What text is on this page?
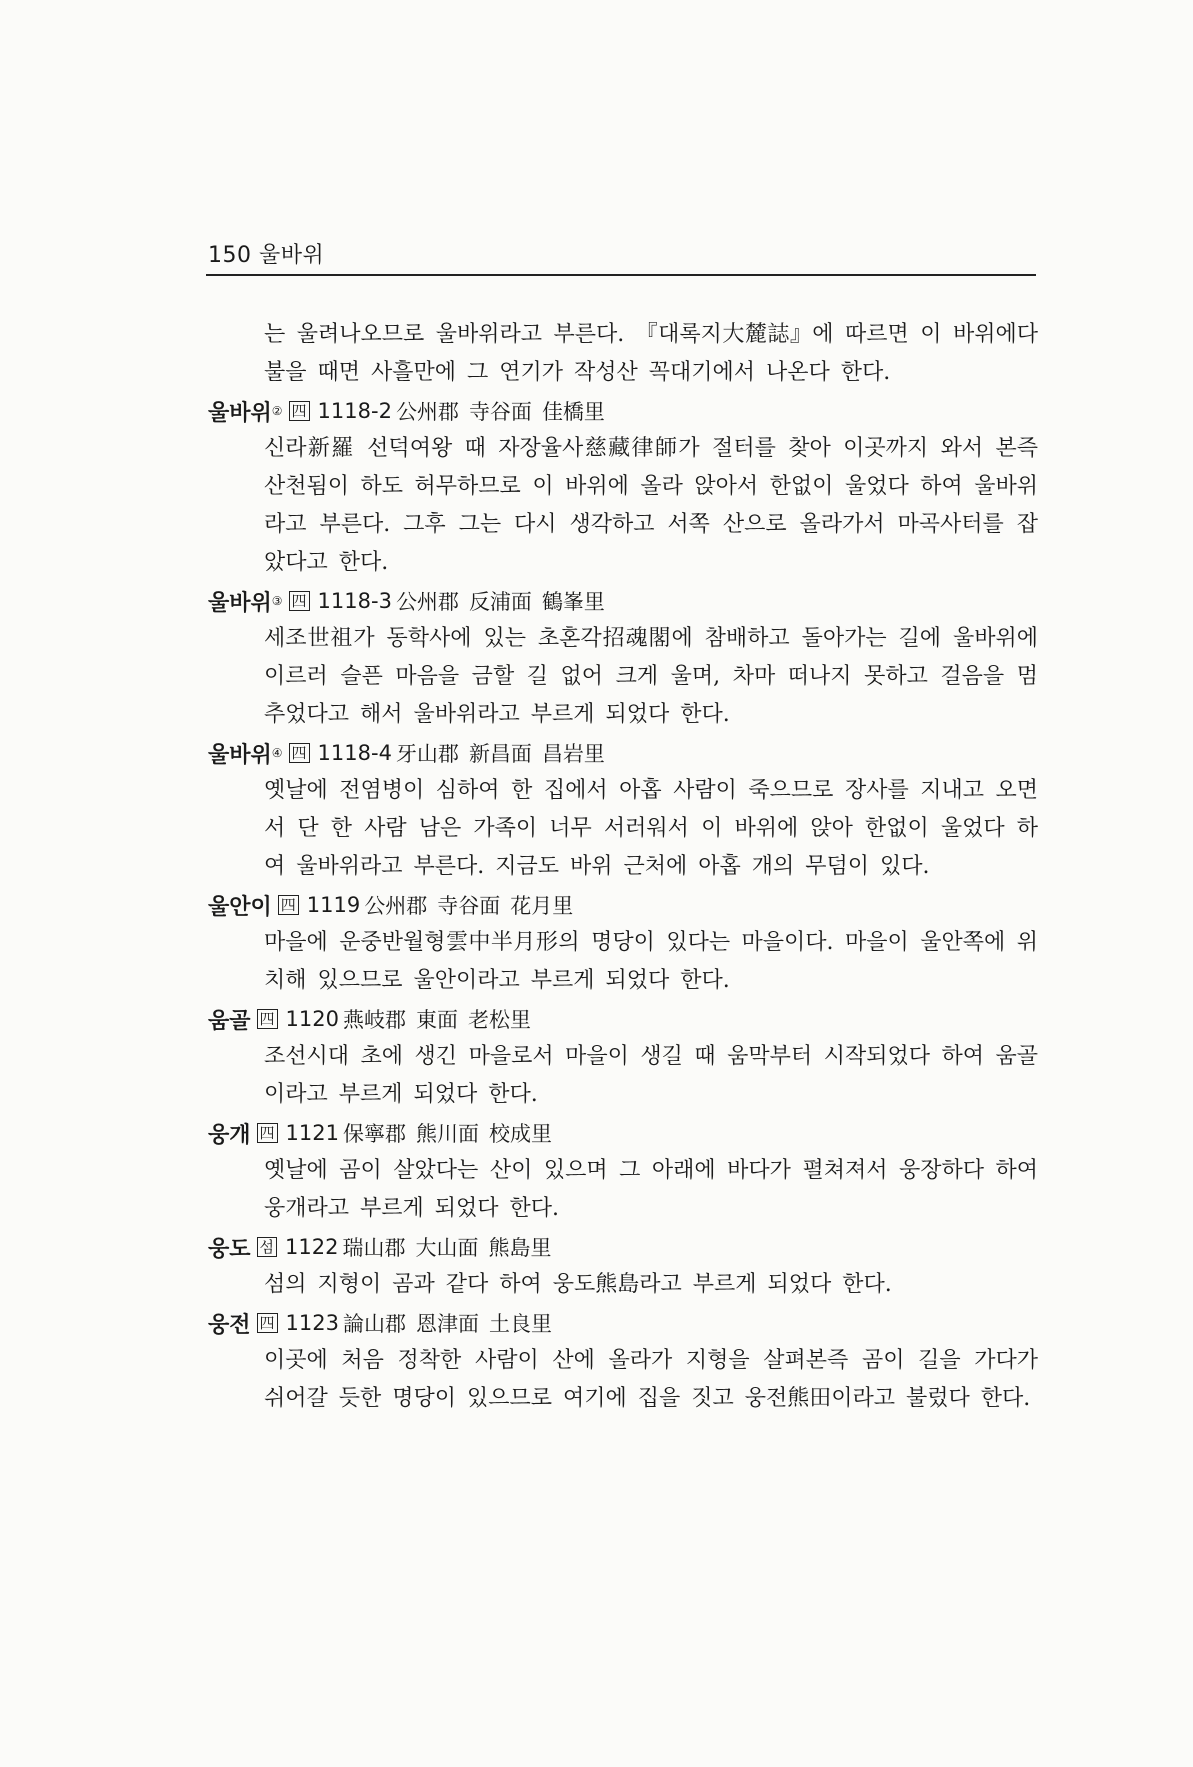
150 울바위
는 울려나오므로 울바위라고 부른다. 『대록지大麓誌』에 따르면 이 바위에다 불을 때면 사흘만에 그 연기가 작성산 꼭대기에서 나온다 한다.
울바위 ② 四 1118-2 公州郡 寺谷面 佳橋里
신라新羅 선덕여왕 때 자장율사慈藏律師가 절터를 찾아 이곳까지 와서 본즉 산천됨이 하도 허무하므로 이 바위에 올라 앉아서 한없이 울었다 하여 울바위라고 부른다. 그후 그는 다시 생각하고 서쪽 산으로 올라가서 마곡사터를 잡았다고 한다.
울바위 ③ 四 1118-3 公州郡 反浦面 鶴峯里
세조世祖가 동학사에 있는 초혼각招魂閣에 참배하고 돌아가는 길에 울바위에 이르러 슬픈 마음을 금할 길 없어 크게 울며, 차마 떠나지 못하고 걸음을 멈추었다고 해서 울바위라고 부르게 되었다 한다.
울바위 ④ 四 1118-4 牙山郡 新昌面 昌岩里
옛날에 전염병이 심하여 한 집에서 아홉 사람이 죽으므로 장사를 지내고 오면서 단 한 사람 남은 가족이 너무 서러워서 이 바위에 앉아 한없이 울었다 하여 울바위라고 부른다. 지금도 바위 근처에 아홉 개의 무덤이 있다.
울안이 四 1119 公州郡 寺谷面 花月里
마을에 운중반월형雲中半月形의 명당이 있다는 마을이다. 마을이 울안쪽에 위치해 있으므로 울안이라고 부르게 되었다 한다.
움골 四 1120 燕岐郡 東面 老松里
조선시대 초에 생긴 마을로서 마을이 생길 때 움막부터 시작되었다 하여 움골이라고 부르게 되었다 한다.
웅개 四 1121 保寧郡 熊川面 校成里
옛날에 곰이 살았다는 산이 있으며 그 아래에 바다가 펼쳐져서 웅장하다 하여 웅개라고 부르게 되었다 한다.
웅도 섬 1122 瑞山郡 大山面 熊島里
섬의 지형이 곰과 같다 하여 웅도熊島라고 부르게 되었다 한다.
웅전 四 1123 論山郡 恩津面 土良里
이곳에 처음 정착한 사람이 산에 올라가 지형을 살펴본즉 곰이 길을 가다가 쉬어갈 듯한 명당이 있으므로 여기에 집을 짓고 웅전熊田이라고 불렀다 한다.
